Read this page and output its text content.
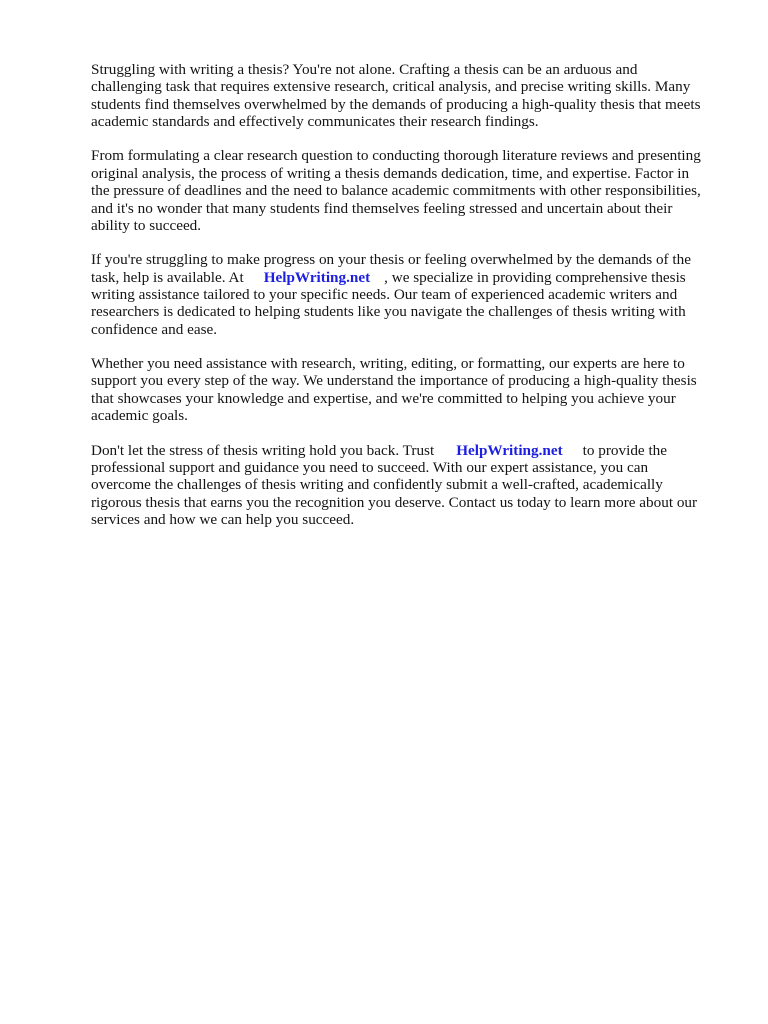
Struggling with writing a thesis? You're not alone. Crafting a thesis can be an arduous and
challenging task that requires extensive research, critical analysis, and precise writing skills. Many
students find themselves overwhelmed by the demands of producing a high-quality thesis that meets
academic standards and effectively communicates their research findings.

From formulating a clear research question to conducting thorough literature reviews and presenting
original analysis, the process of writing a thesis demands dedication, time, and expertise. Factor in
the pressure of deadlines and the need to balance academic commitments with other responsibilities,
and it's no wonder that many students find themselves feeling stressed and uncertain about their
ability to succeed.

If you're struggling to make progress on your thesis or feeling overwhelmed by the demands of the
task, help is available. At HelpWriting.net , we specialize in providing comprehensive thesis
writing assistance tailored to your specific needs. Our team of experienced academic writers and
researchers is dedicated to helping students like you navigate the challenges of thesis writing with
confidence and ease.

Whether you need assistance with research, writing, editing, or formatting, our experts are here to
support you every step of the way. We understand the importance of producing a high-quality thesis
that showcases your knowledge and expertise, and we're committed to helping you achieve your
academic goals.

Don't let the stress of thesis writing hold you back. Trust HelpWriting.net to provide the
professional support and guidance you need to succeed. With our expert assistance, you can
overcome the challenges of thesis writing and confidently submit a well-crafted, academically
rigorous thesis that earns you the recognition you deserve. Contact us today to learn more about our
services and how we can help you succeed.
